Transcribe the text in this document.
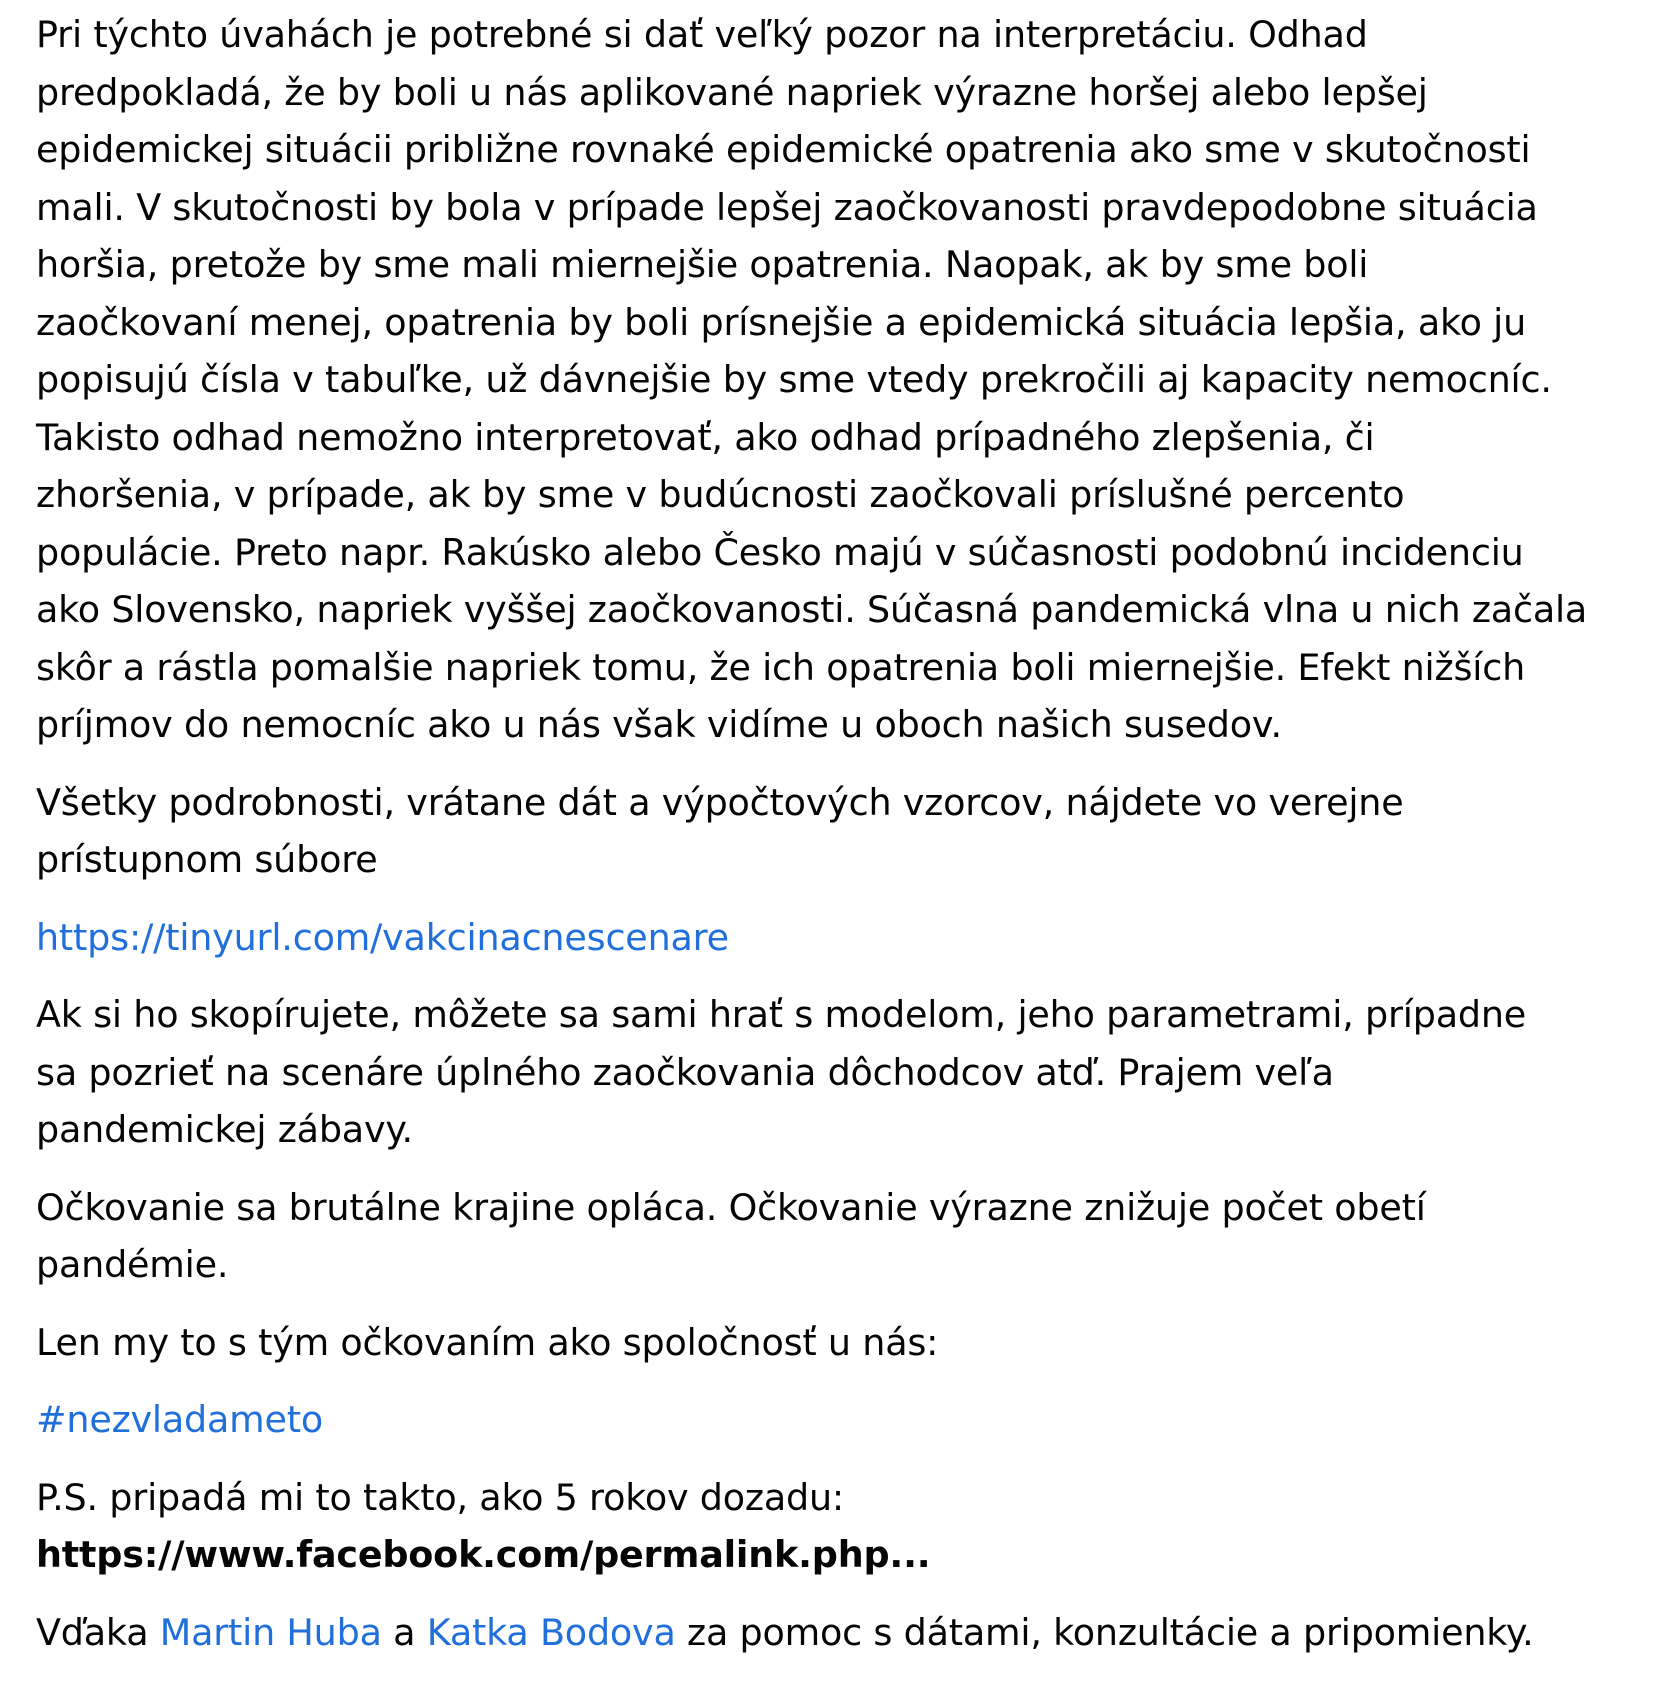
Pri týchto úvahách je potrebné si dať veľký pozor na interpretáciu. Odhad
predpokladá, že by boli u nás aplikované napriek výrazne horšej alebo lepšej
epidemickej situácii približne rovnaké epidemické opatrenia ako sme v skutočnosti
mali. V skutočnosti by bola v prípade lepšej zaočkovanosti pravdepodobne situácia
horšia, pretože by sme mali miernejšie opatrenia. Naopak, ak by sme boli
zaočkovaní menej, opatrenia by boli prísnejšie a epidemická situácia lepšia, ako ju
popisujú čísla v tabuľke, už dávnejšie by sme vtedy prekročili aj kapacity nemocníc.
Takisto odhad nemožno interpretovať, ako odhad prípadného zlepšenia, či
zhoršenia, v prípade, ak by sme v budúcnosti zaočkovali príslušné percento
populácie. Preto napr. Rakúsko alebo Česko majú v súčasnosti podobnú incidenciu
ako Slovensko, napriek vyššej zaočkovanosti. Súčasná pandemická vlna u nich začala
skôr a rástla pomalšie napriek tomu, že ich opatrenia boli miernejšie. Efekt nižších
príjmov do nemocníc ako u nás však vidíme u oboch našich susedov.

Všetky podrobnosti, vrátane dát a výpočtových vzorcov, nájdete vo verejne
prístupnom súbore

https://tinyurl.com/vakcinacnescenare

Ak si ho skopírujete, môžete sa sami hrať s modelom, jeho parametrami, prípadne
sa pozrieť na scenáre úplného zaočkovania dôchodcov atď. Prajem veľa
pandemickej zábavy.

Očkovanie sa brutálne krajine opláca. Očkovanie výrazne znižuje počet obetí
pandémie.

Len my to s tým očkovaním ako spoločnosť u nás:

#nezvladameto

P.S. pripadá mi to takto, ako 5 rokov dozadu:
https://www.facebook.com/permalink.php...

Vďaka Martin Huba a Katka Bodova za pomoc s dátami, konzultácie a pripomienky.
